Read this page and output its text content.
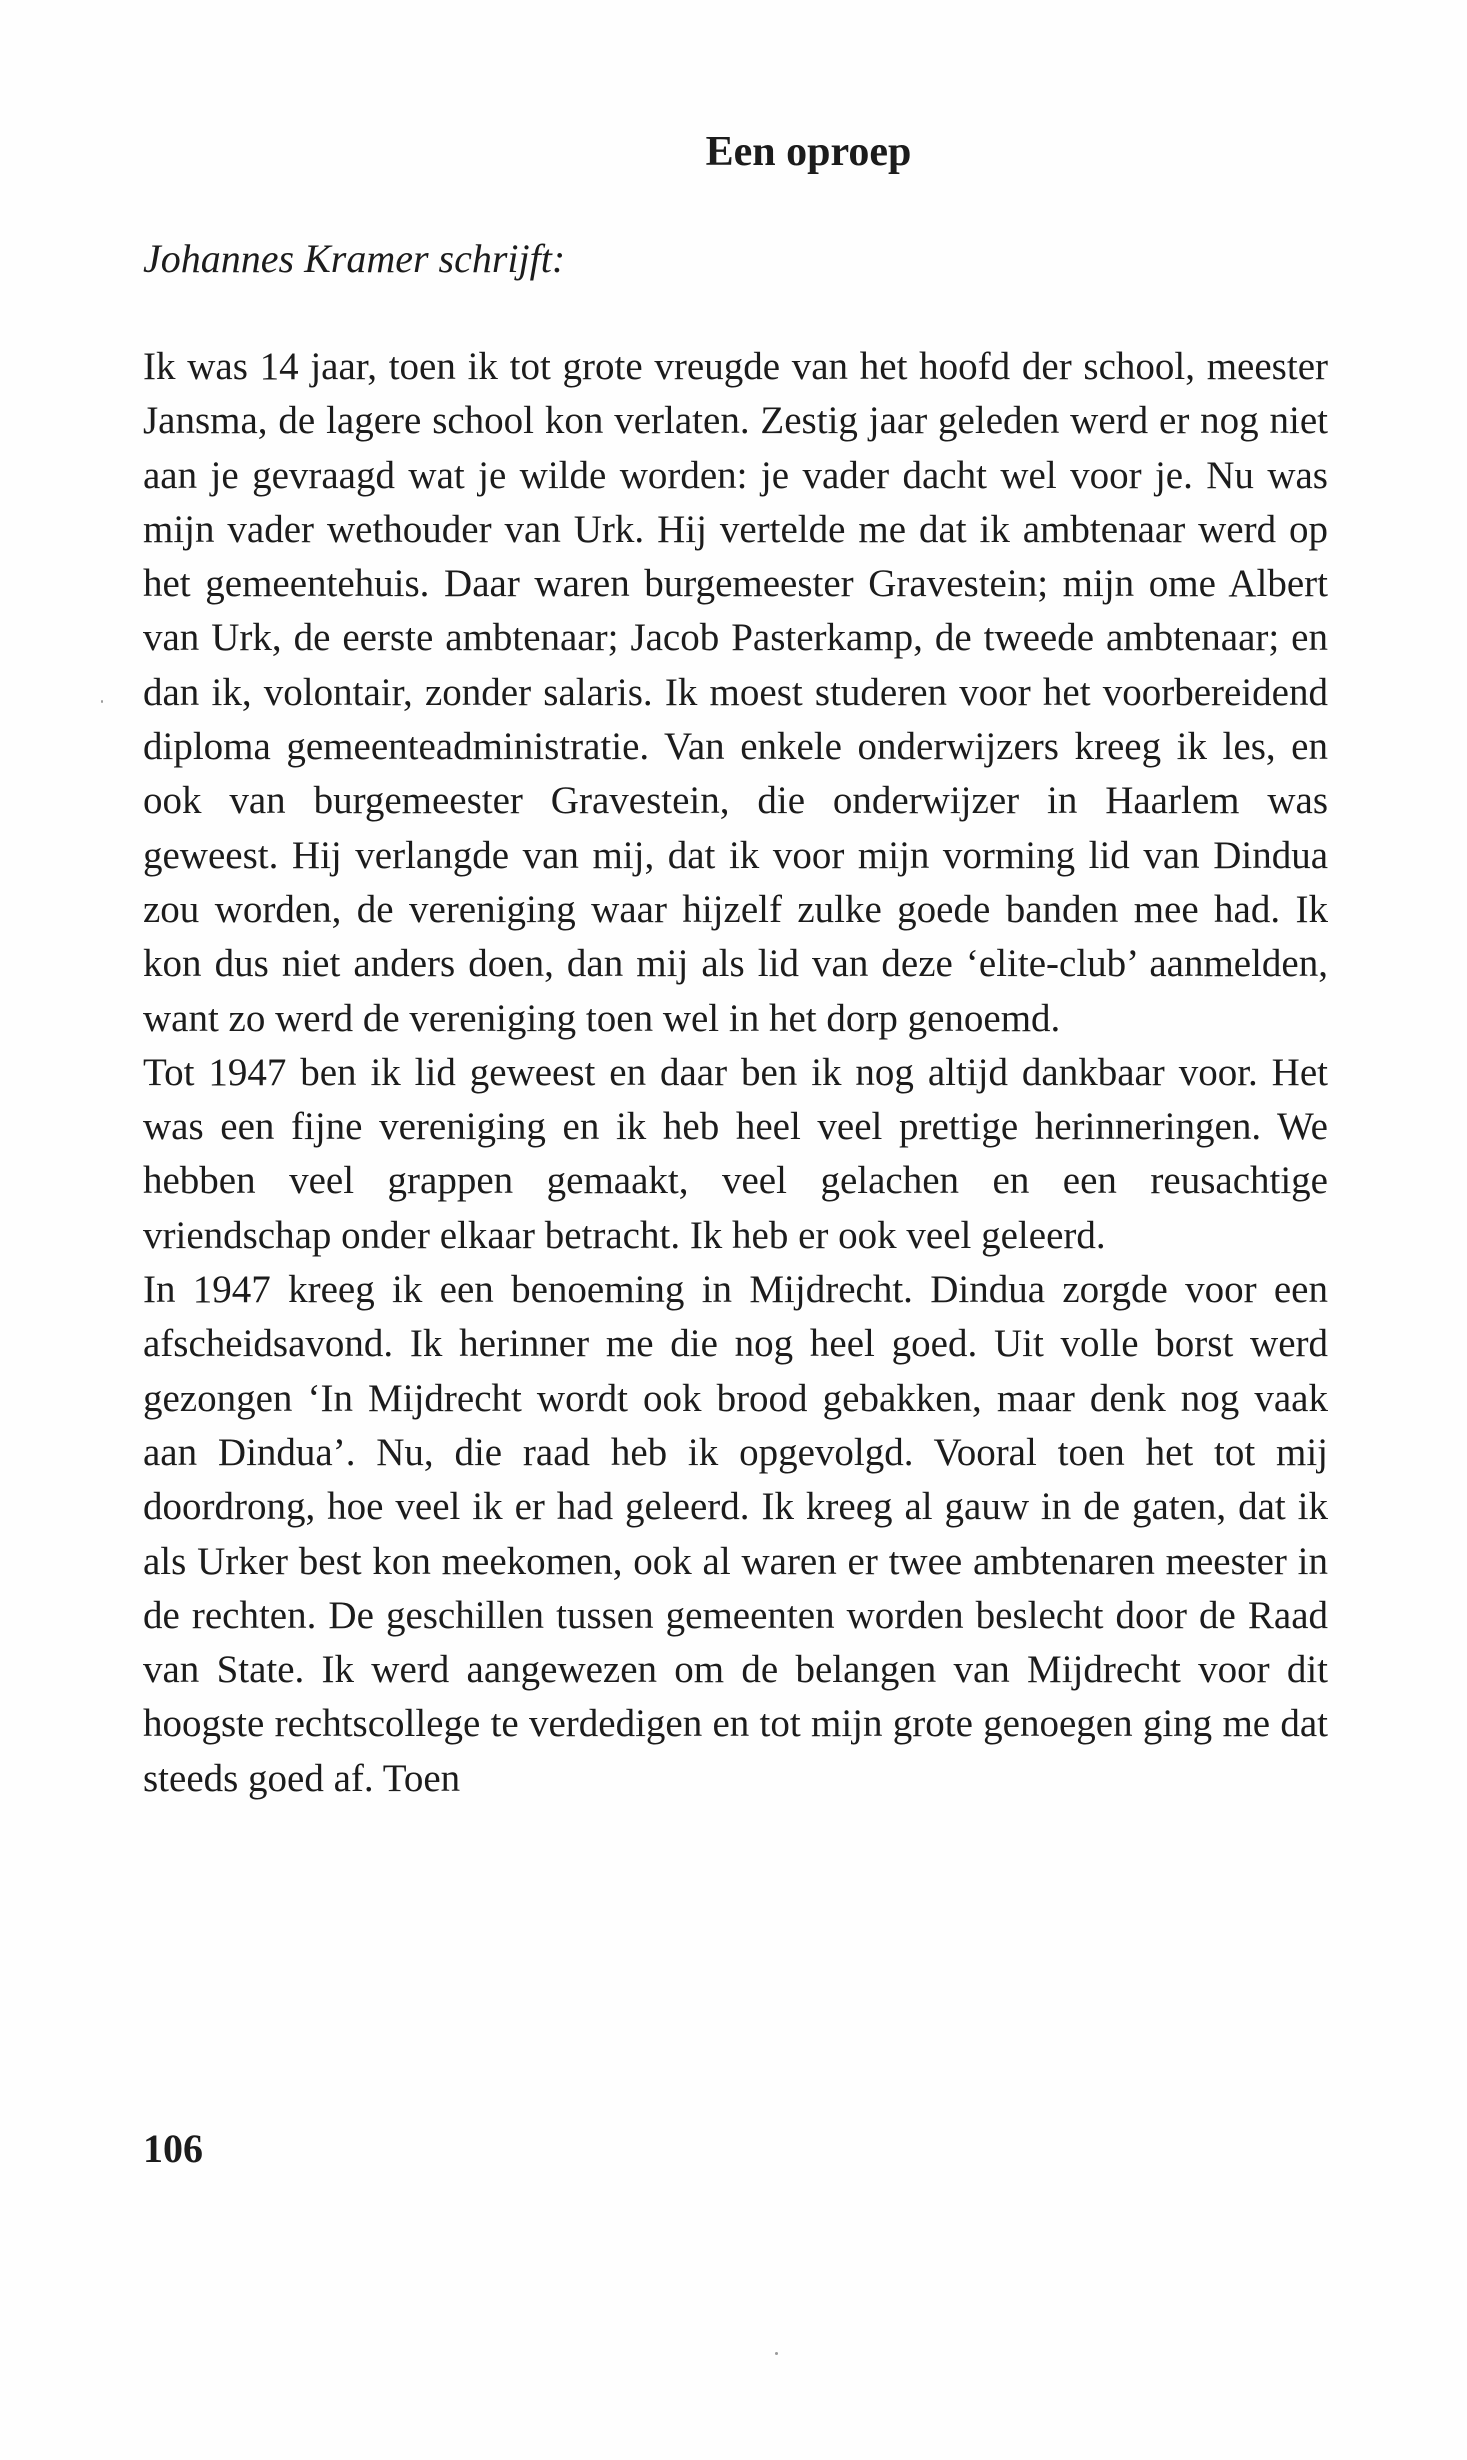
Een oproep

Johannes Kramer schrijft:

Ik was 14 jaar, toen ik tot grote vreugde van het hoofd der school, meester Jansma, de lagere school kon verlaten. Zestig jaar geleden werd er nog niet aan je gevraagd wat je wilde worden: je vader dacht wel voor je. Nu was mijn vader wethouder van Urk. Hij vertelde me dat ik ambtenaar werd op het gemeentehuis. Daar waren burgemeester Gravestein; mijn ome Albert van Urk, de eerste ambtenaar; Jacob Pasterkamp, de tweede ambtenaar; en dan ik, volontair, zonder salaris. Ik moest studeren voor het voorbereidend diploma gemeenteadministratie. Van enkele onderwijzers kreeg ik les, en ook van burgemeester Gravestein, die onderwijzer in Haarlem was geweest. Hij verlangde van mij, dat ik voor mijn vorming lid van Dindua zou worden, de vereniging waar hijzelf zulke goede banden mee had. Ik kon dus niet anders doen, dan mij als lid van deze ‘elite-club’ aanmelden, want zo werd de vereniging toen wel in het dorp genoemd.

Tot 1947 ben ik lid geweest en daar ben ik nog altijd dankbaar voor. Het was een fijne vereniging en ik heb heel veel prettige herinneringen. We hebben veel grappen gemaakt, veel gelachen en een reusachtige vriendschap onder elkaar betracht. Ik heb er ook veel geleerd.

In 1947 kreeg ik een benoeming in Mijdrecht. Dindua zorgde voor een afscheidsavond. Ik herinner me die nog heel goed. Uit volle borst werd gezongen ‘In Mijdrecht wordt ook brood gebakken, maar denk nog vaak aan Dindua’. Nu, die raad heb ik opgevolgd. Vooral toen het tot mij doordrong, hoe veel ik er had geleerd. Ik kreeg al gauw in de gaten, dat ik als Urker best kon meekomen, ook al waren er twee ambtenaren meester in de rechten. De geschillen tussen gemeenten worden beslecht door de Raad van State. Ik werd aangewezen om de belangen van Mijdrecht voor dit hoogste rechtscollege te verdedigen en tot mijn grote genoegen ging me dat steeds goed af. Toen

106
